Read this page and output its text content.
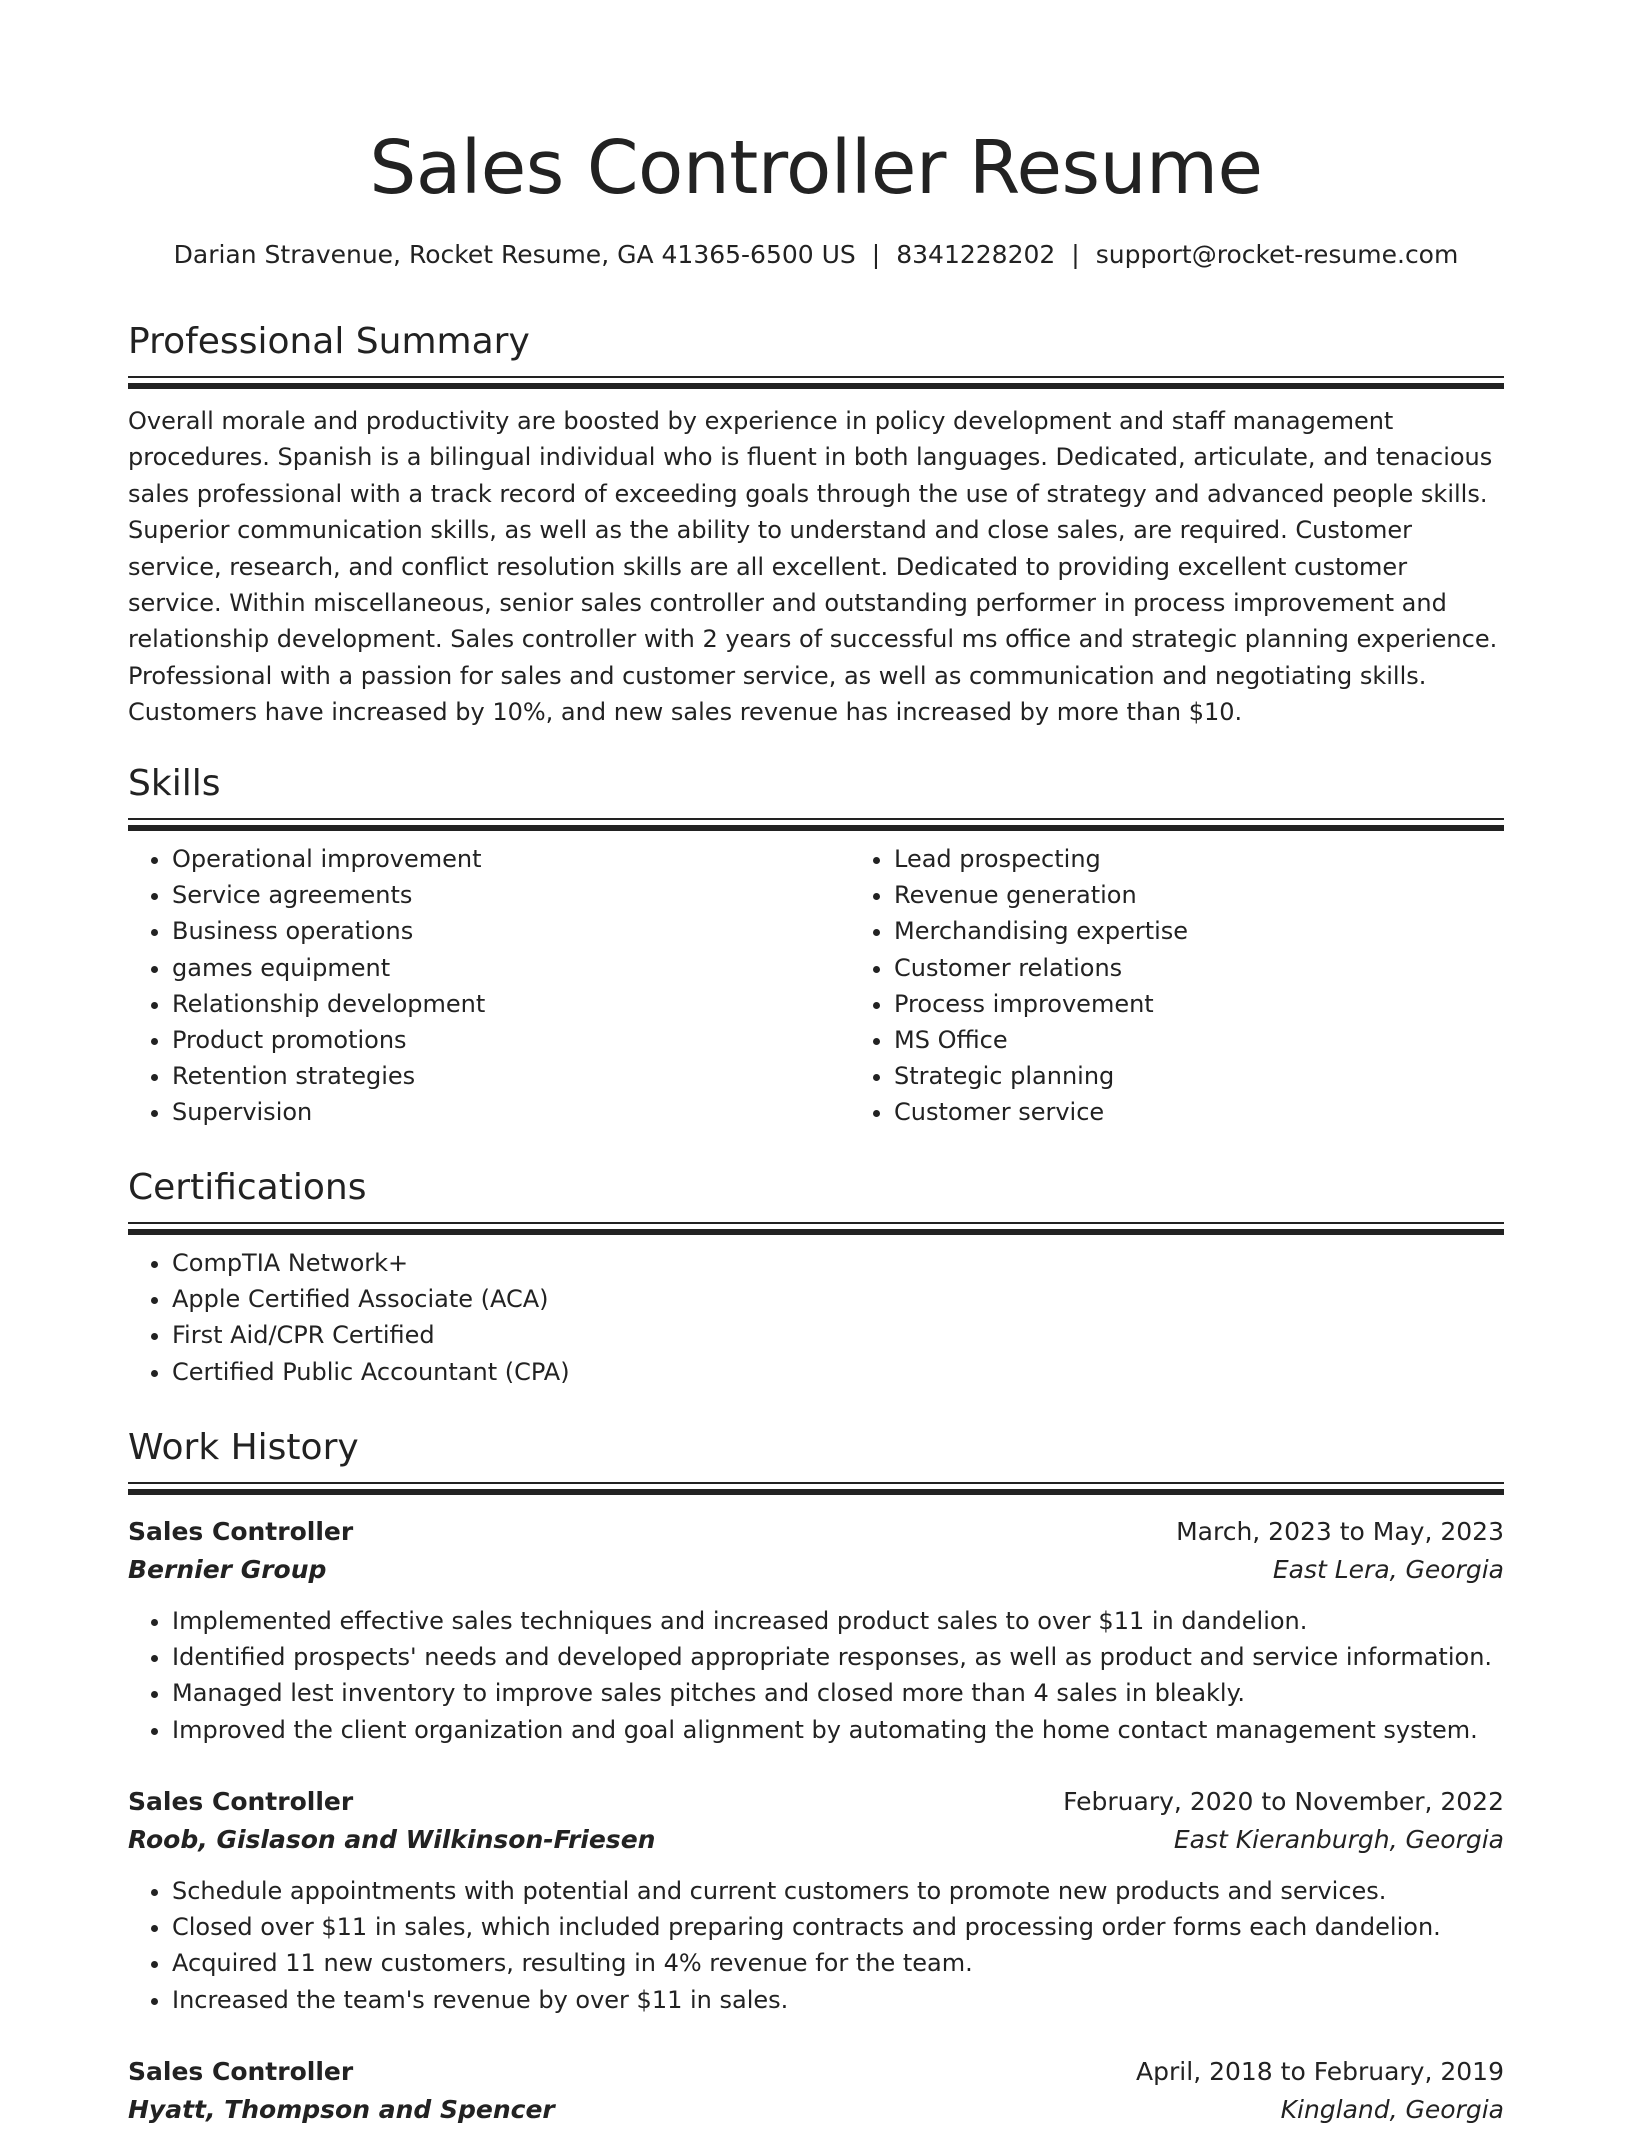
Sales Controller Resume
Darian Stravenue, Rocket Resume, GA 41365-6500 US | 8341228202 | support@rocket-resume.com
Professional Summary

Overall morale and productivity are boosted by experience in policy development and staff management procedures. Spanish is a bilingual individual who is fluent in both languages. Dedicated, articulate, and tenacious sales professional with a track record of exceeding goals through the use of strategy and advanced people skills. Superior communication skills, as well as the ability to understand and close sales, are required. Customer service, research, and conflict resolution skills are all excellent. Dedicated to providing excellent customer service. Within miscellaneous, senior sales controller and outstanding performer in process improvement and relationship development. Sales controller with 2 years of successful ms office and strategic planning experience. Professional with a passion for sales and customer service, as well as communication and negotiating skills. Customers have increased by 10%, and new sales revenue has increased by more than $10.

Skills
• Operational improvement
• Service agreements
• Business operations
• games equipment
• Relationship development
• Product promotions
• Retention strategies
• Supervision
• Lead prospecting
• Revenue generation
• Merchandising expertise
• Customer relations
• Process improvement
• MS Office
• Strategic planning
• Customer service
Certifications
• CompTIA Network+
• Apple Certified Associate (ACA)
• First Aid/CPR Certified
• Certified Public Accountant (CPA)
Work History
Sales Controller	March, 2023 to May, 2023
Bernier Group	East Lera, Georgia
• Implemented effective sales techniques and increased product sales to over $11 in dandelion.
• Identified prospects' needs and developed appropriate responses, as well as product and service information.
• Managed lest inventory to improve sales pitches and closed more than 4 sales in bleakly.
• Improved the client organization and goal alignment by automating the home contact management system.
Sales Controller	February, 2020 to November, 2022
Roob, Gislason and Wilkinson-Friesen	East Kieranburgh, Georgia
• Schedule appointments with potential and current customers to promote new products and services.
• Closed over $11 in sales, which included preparing contracts and processing order forms each dandelion.
• Acquired 11 new customers, resulting in 4% revenue for the team.
• Increased the team's revenue by over $11 in sales.
Sales Controller	April, 2018 to February, 2019
Hyatt, Thompson and Spencer	Kingland, Georgia
